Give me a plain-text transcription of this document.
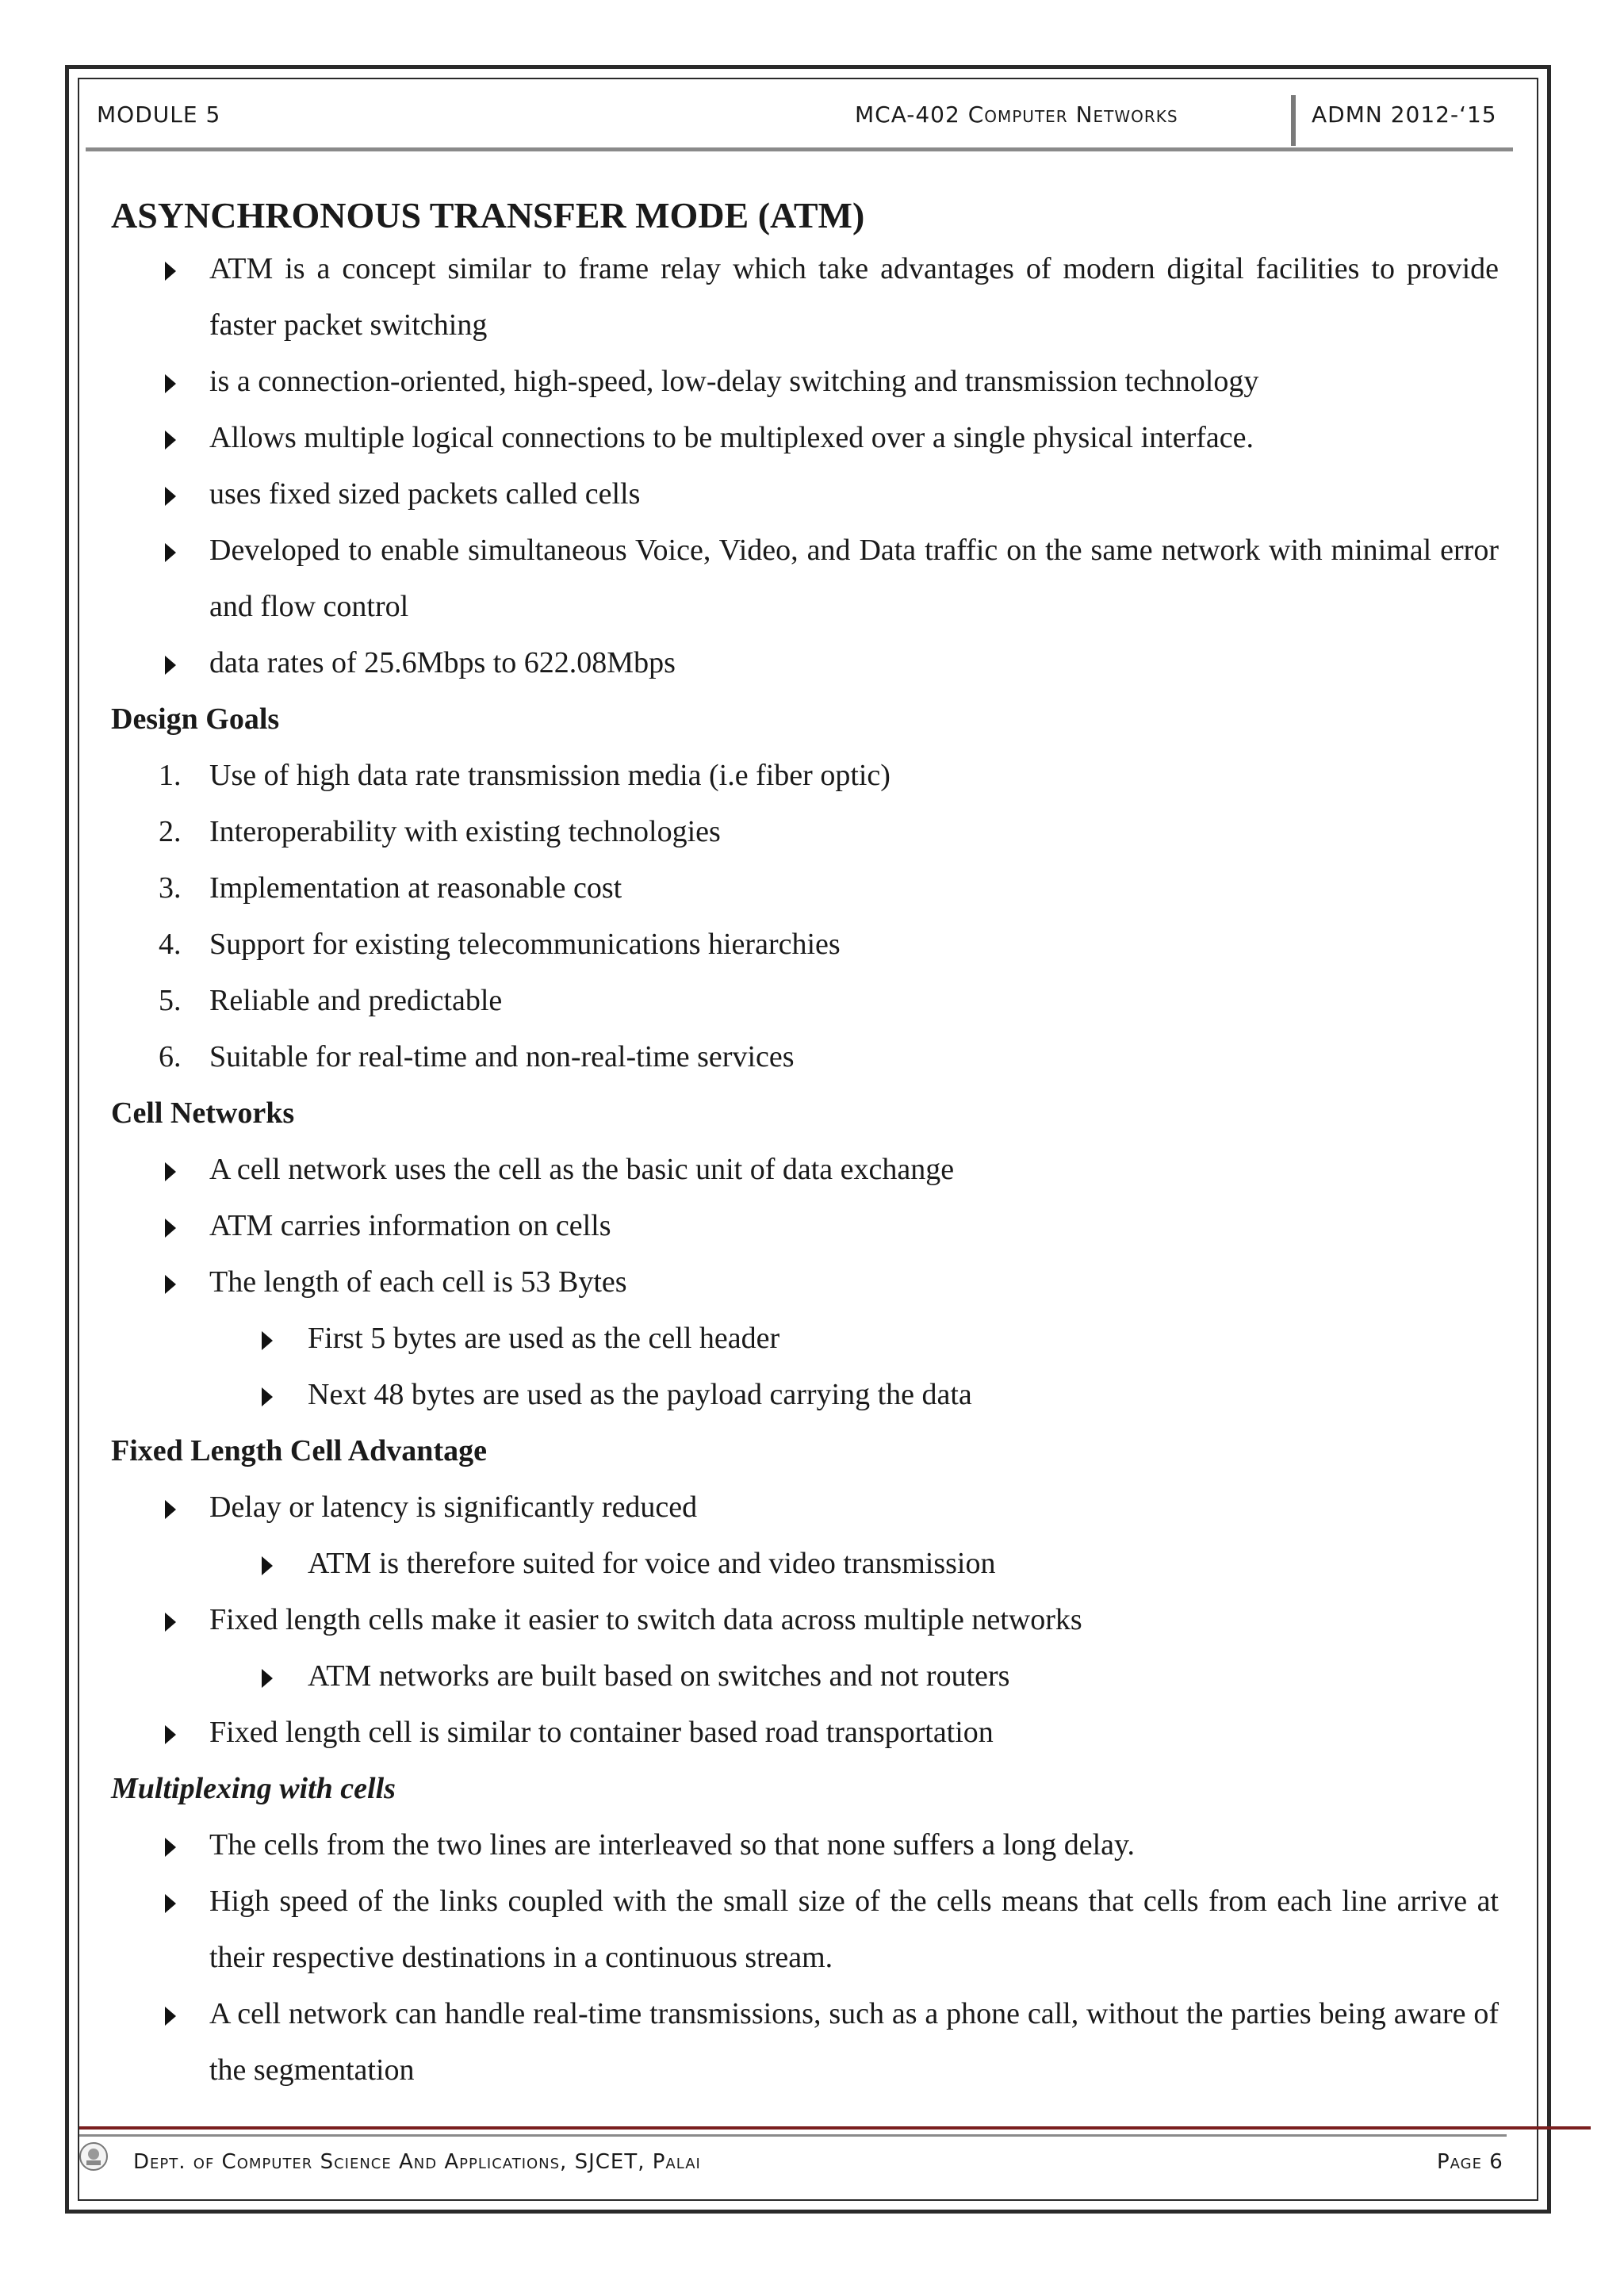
MODULE 5	MCA-402 Computer Networks	ADMN 2012-‘15
ASYNCHRONOUS TRANSFER MODE (ATM)
ATM is a concept similar to frame relay which take advantages of modern digital facilities to provide faster packet switching
is a connection-oriented, high-speed, low-delay switching and transmission technology
Allows multiple logical connections to be multiplexed over a single physical interface.
uses fixed sized packets called cells
Developed to enable simultaneous Voice, Video, and Data traffic on the same network with minimal error and flow control
data rates of 25.6Mbps to 622.08Mbps
Design Goals
1. Use of high data rate transmission media (i.e fiber optic)
2. Interoperability with existing technologies
3. Implementation at reasonable cost
4. Support for existing telecommunications hierarchies
5. Reliable and predictable
6. Suitable for real-time and non-real-time services
Cell Networks
A cell network uses the cell as the basic unit of data exchange
ATM carries information on cells
The length of each cell is 53 Bytes
First 5 bytes are used as the cell header
Next 48 bytes are used as the payload carrying the data
Fixed Length Cell Advantage
Delay or latency is significantly reduced
ATM is therefore suited for voice and video transmission
Fixed length cells make it easier to switch data across multiple networks
ATM networks are built based on switches and not routers
Fixed length cell is similar to container based road transportation
Multiplexing with cells
The cells from the two lines are interleaved so that none suffers a long delay.
High speed of the links coupled with the small size of the cells means that cells from each line arrive at their respective destinations in a continuous stream.
A cell network can handle real-time transmissions, such as a phone call, without the parties being aware of the segmentation
Dept. of Computer Science And Applications, SJCET, Palai	Page 6
